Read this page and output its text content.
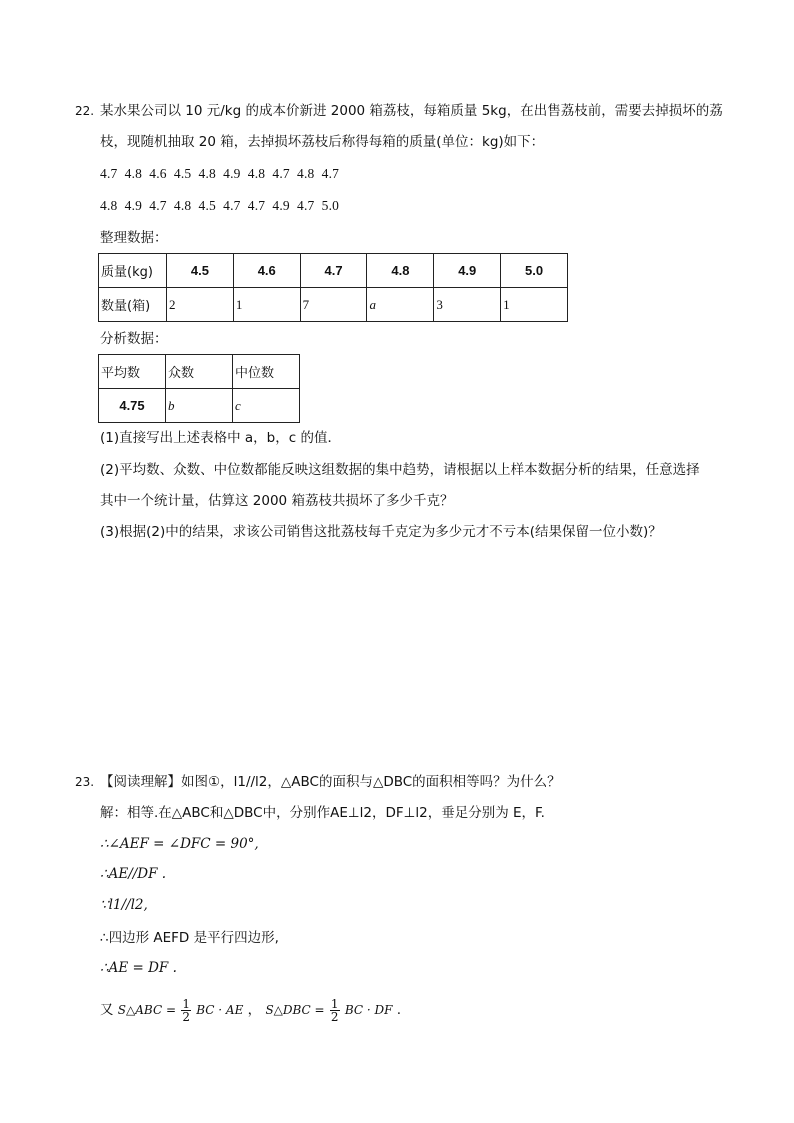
22. 某水果公司以 10 元/kg 的成本价新进 2000 箱荔枝，每箱质量 5kg，在出售荔枝前，需要去掉损坏的荔
枝，现随机抽取 20 箱，去掉损坏荔枝后称得每箱的质量(单位：kg)如下：
4.7  4.8  4.6  4.5  4.8  4.9  4.8  4.7  4.8  4.7
4.8  4.9  4.7  4.8  4.5  4.7  4.7  4.9  4.7  5.0
整理数据：
质量(kg)	4.5	4.6	4.7	4.8	4.9	5.0
数量(箱)	2	1	7	a	3	1
分析数据：
平均数	众数	中位数
4.75	b	c
(1)直接写出上述表格中 a，b，c 的值．
(2)平均数、众数、中位数都能反映这组数据的集中趋势，请根据以上样本数据分析的结果，任意选择
其中一个统计量，估算这 2000 箱荔枝共损坏了多少千克？
(3)根据(2)中的结果，求该公司销售这批荔枝每千克定为多少元才不亏本(结果保留一位小数)？
23. 【阅读理解】如图①，l1//l2，△ABC的面积与△DBC的面积相等吗？为什么？
解：相等.在△ABC和△DBC中，分别作AE⊥l2，DF⊥l2，垂足分别为 E，F.
∴∠AEF = ∠DFC = 90°,
∴AE//DF .
∵l1//l2,
∴四边形 AEFD 是平行四边形,
∴AE = DF .
又 S△ABC = $\frac{1}{2}$ BC · AE ， S△DBC = $\frac{1}{2}$ BC · DF .
